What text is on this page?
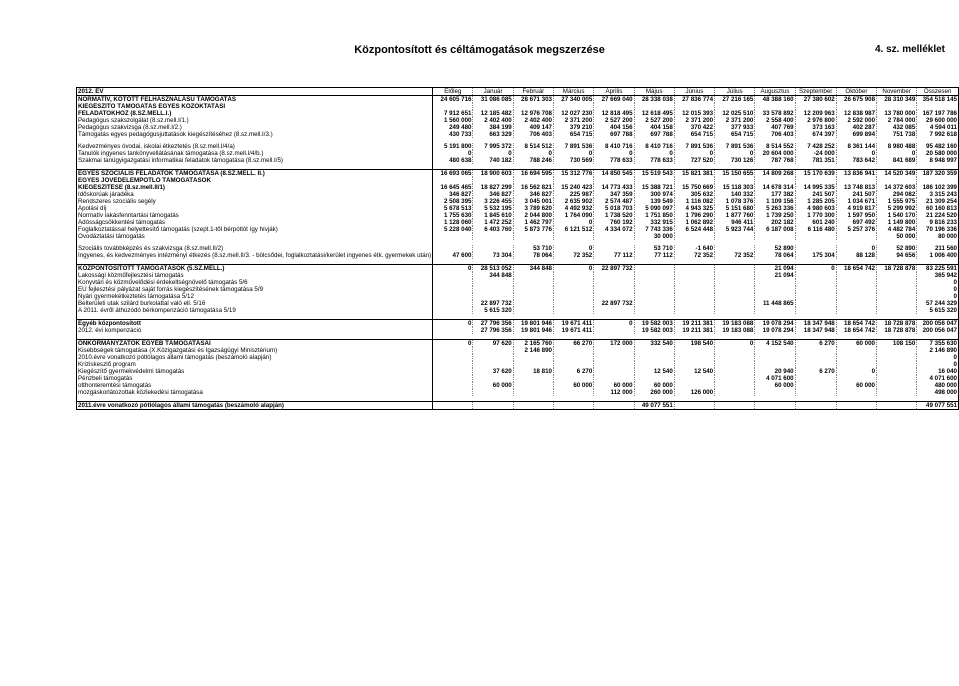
Központosított és céltámogatások megszerzése	4. sz. melléklet
2012. ÉV	Előleg	Január	Február	Március	Április	Május	Június	Július	Augusztus	Szeptember	Október	November	Összesen
NORMATÍV, KÖTÖTT FELHASZNÁLÁSÚ TÁMOGATÁS	24 605 716	31 086 085	28 671 303	27 340 005	27 669 040	28 338 038	27 836 774	27 216 165	48 388 160	27 380 602	26 675 908	28 310 349	354 518 145
KIEGÉSZÍTŐ TÁMOGATÁS EGYES KÖZOKTATÁSI													
FELADATOKHOZ (8.SZ.MELL.I.)	7 912 651	12 185 482	12 976 708	12 027 230	12 818 495	12 618 495	12 015 393	12 025 510	33 578 892	12 209 963	12 838 987	13 780 000	167 197 786
Pedagógus szakszolgálat (8.sz.mell.I/1.)	1 560 000	2 402 400	2 402 400	2 371 200	2 527 200	2 527 200	2 371 200	2 371 200	2 558 400	2 976 800	2 592 000	2 784 000	29 600 000
Pedagógus szakvizsga (8.sz.mell.I/2.)	249 480	384 199	409 147	379 210	404 156	404 158	370 422	377 933	407 769	373 163	402 287	432 085	4 594 011
Támogatás egyes pedagógusjuttatások kiegészítéséhez (8.sz.mell.I/3.)	430 733	663 329	706 403	654 715	697 788	697 788	654 715	654 715	706 403	674 397	699 894	751 738	7 992 618

Kedvezményes óvodai, iskolai étkeztetés (8.sz.mell.I/4/a)	5 191 800	7 995 372	8 514 512	7 891 536	8 410 716	8 410 716	7 891 536	7 891 536	8 514 552	7 428 252	8 361 144	8 980 488	95 482 160
Tanulók ingyenes tankönyvellátásának támogatása (8.sz.mell.I/4/b.)	0	0	0	0	0	0	0	0	20 604 000	-24 000	0	0	20 580 000
Szakmai tanügyigazgatási informatikai feladatok támogatása (8.sz.mell.I/5)	480 638	740 182	788 246	730 569	778 633	778 633	727 520	730 126	787 768	781 351	783 642	841 689	8 948 997

EGYES SZOCIÁLIS FELADATOK TÁMOGATÁSA (8.SZ.MELL. II.)	16 693 065	18 900 603	16 694 595	15 312 776	14 850 545	15 519 543	15 821 381	15 150 655	14 809 268	15 170 639	13 836 941	14 520 349	187 320 359
EGYES JÖVEDELEMPÓTLÓ TÁMOGATÁSOK													
KIEGÉSZÍTÉSE (8.sz.mell.II/1)	16 645 465	18 827 299	16 562 821	15 240 423	14 773 433	15 388 721	15 750 669	15 118 303	14 678 314	14 995 335	13 748 813	14 372 603	186 102 399
Időskorúak járadéka	346 827	346 827	346 827	225 987	347 359	300 974	305 632	140 332	177 382	241 507	241 507	294 082	3 315 243
Rendszeres szociális segély	2 508 395	3 226 455	3 045 001	2 635 902	2 574 487	139 549	1 116 082	1 078 376	1 109 156	1 285 205	1 034 671	1 555 975	21 309 254
Ápolási díj	5 678 513	5 532 195	3 789 620	4 492 932	5 018 703	5 090 097	4 943 325	5 151 680	5 263 336	4 980 603	4 919 817	5 299 992	60 160 813
Normatív lakásfenntartási támogatás	1 755 630	1 845 610	2 044 800	1 764 090	1 738 520	1 751 850	1 796 290	1 877 760	1 739 250	1 770 300	1 597 950	1 540 170	21 224 520
Adósságcsökkentési támogatás	1 128 060	1 472 252	1 462 797	0	760 192	332 915	1 062 892	946 411	202 182	601 240	697 492	1 149 800	9 816 233
Foglalkoztatással helyettesítő támogatás (szept.1-től bérpótlót így hívják)	5 228 040	6 403 760	5 873 776	6 121 512	4 334 072	7 743 336	6 524 448	5 923 744	6 187 008	6 116 480	5 257 376	4 482 784	70 196 336
Óvodáztatási támogatás						30 000						50 000	80 000

Szociális továbbképzés és szakvizsga (8.sz.mell.II/2)			53 710	0		53 710	-1 640		52 890		0	52 890	211 560
Ingyenes, és kedvezményes intézményi étkezés (8.sz.mell.II/3. - bölcsődei, foglalkoztatási/kerület ingyenes étk. gyermekek után)	47 600	73 304	78 064	72 352	77 112	77 112	72 352	72 352	78 064	175 304	88 128	94 656	1 006 400

KÖZPONTOSÍTOTT TÁMOGATÁSOK (5.SZ.MELL.)	0	28 513 052	344 848	0	22 897 732				21 094	0	18 654 742	18 728 878	83 225 591
Lakossági közműfejlesztési támogatás		344 848							21 094				365 942
Konyvtári és közművelődési érdekeltségnövelő támogatás 5/6													0
EU fejlesztési pályázat saját forrás kiegészítésének támogatása 5/9													0
Nyári gyermekétkeztetés támogatása 5/12													0
Belterületi utak szilárd burkolattal való ell. 5/16		22 897 732			22 897 732				11 448 865				57 244 329
A 2011. évről áthúzódó bérkompenzáció támogatása 5/19		5 615 320											5 615 320

Egyéb központosított	0	27 796 356	19 801 946	19 671 411	0	19 582 003	19 211 381	19 183 088	19 078 294	18 347 948	18 654 742	18 728 878	200 056 047
2012. évi kompenzáció		27 796 356	19 801 946	19 671 411		19 582 003	19 211 381	19 183 088	19 078 294	18 347 948	18 654 742	18 728 878	200 056 047

ÖNKORMÁNYZATOK EGYÉB TÁMOGATÁSAI	0	97 620	2 165 760	66 270	172 000	332 540	198 540	0	4 152 540	6 270	60 000	108 150	7 355 630
Kisebbségek támogatása (X.Közigazgatási és Igazságügyi Minisztérium)			2 146 890										2 146 890
2010.évre vonatkozó pótlólagos állami támogatás (beszámoló alapján)													0
Kríziskeszlő program													0
Kiegészítő gyermekvédelmi támogatás		37 620	18 810	6 270		12 540	12 540		20 940	6 270	0		16 040
Pénzbeli támogatás									4 071 600				4 071 600
otthonteremtési támogatás		60 000		60 000	60 000	60 000			60 000		60 000		480 000
mozgáskorlátozottak közlekedési támogatása					112 000	260 000	126 000						498 000

2011.évre vonatkozó pótlólagos állami támogatás (beszámoló alapján)						49 077 551							49 077 551
